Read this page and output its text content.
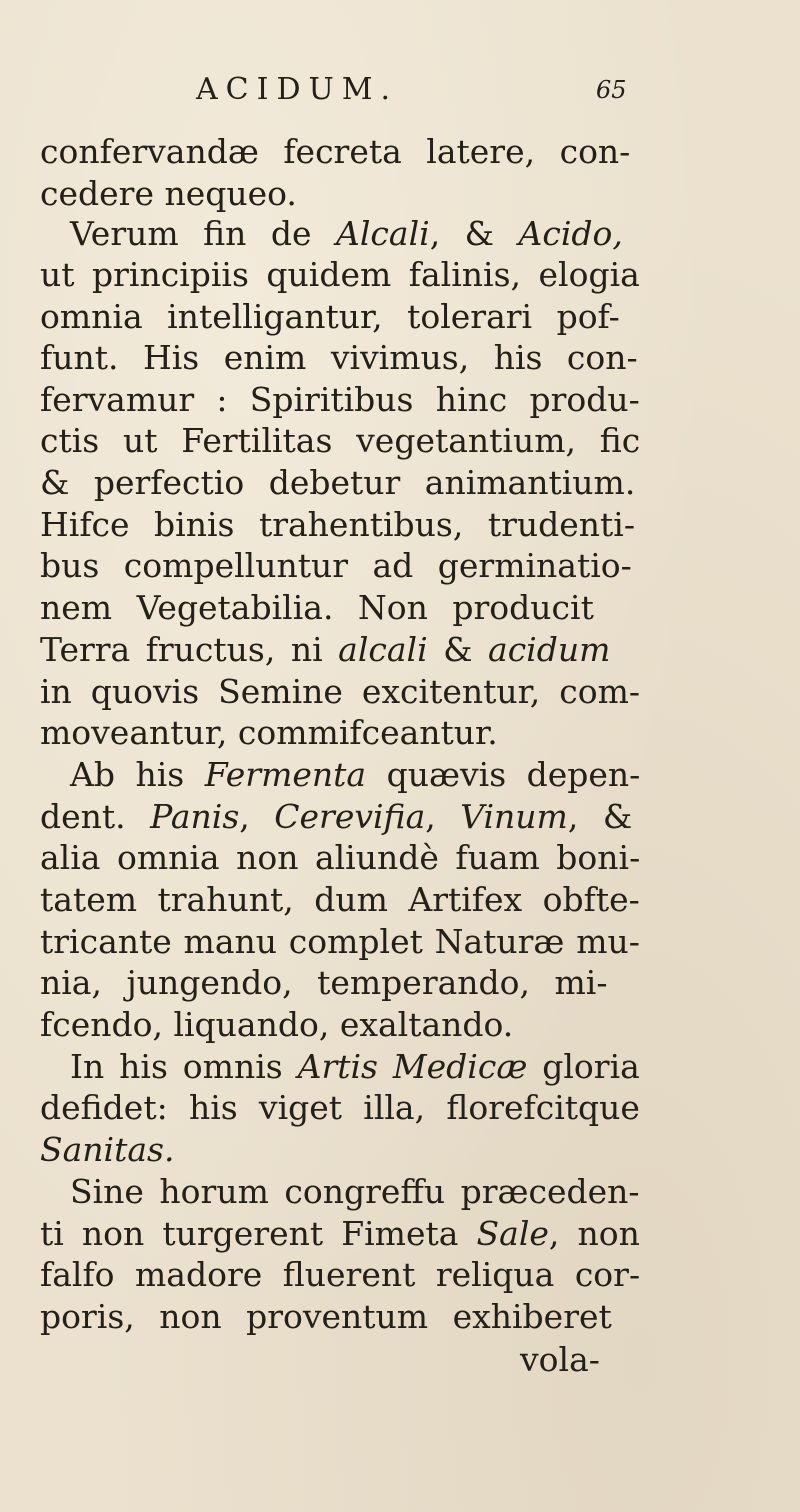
ACIDUM.	65
confervandæ fecreta latere, con-
cedere nequeo.
Verum fin de Alcali, & Acido,
ut principiis quidem falinis, elogia
omnia intelligantur, tolerari pof-
funt. His enim vivimus, his con-
fervamur : Spiritibus hinc produ-
ctis ut Fertilitas vegetantium, fic
& perfectio debetur animantium.
Hifce binis trahentibus, trudenti-
bus compelluntur ad germinatio-
nem Vegetabilia. Non producit
Terra fructus, ni alcali & acidum
in quovis Semine excitentur, com-
moveantur, commifceantur.
Ab his Fermenta quævis depen-
dent. Panis, Cerevifia, Vinum, &
alia omnia non aliundè fuam boni-
tatem trahunt, dum Artifex obfte-
tricante manu complet Naturæ mu-
nia, jungendo, temperando, mi-
fcendo, liquando, exaltando.
In his omnis Artis Medicæ gloria
defidet: his viget illa, florefcitque
Sanitas.
Sine horum congreffu præceden-
ti non turgerent Fimeta Sale, non
falfo madore fluerent reliqua cor-
poris, non proventum exhiberet
vola-
